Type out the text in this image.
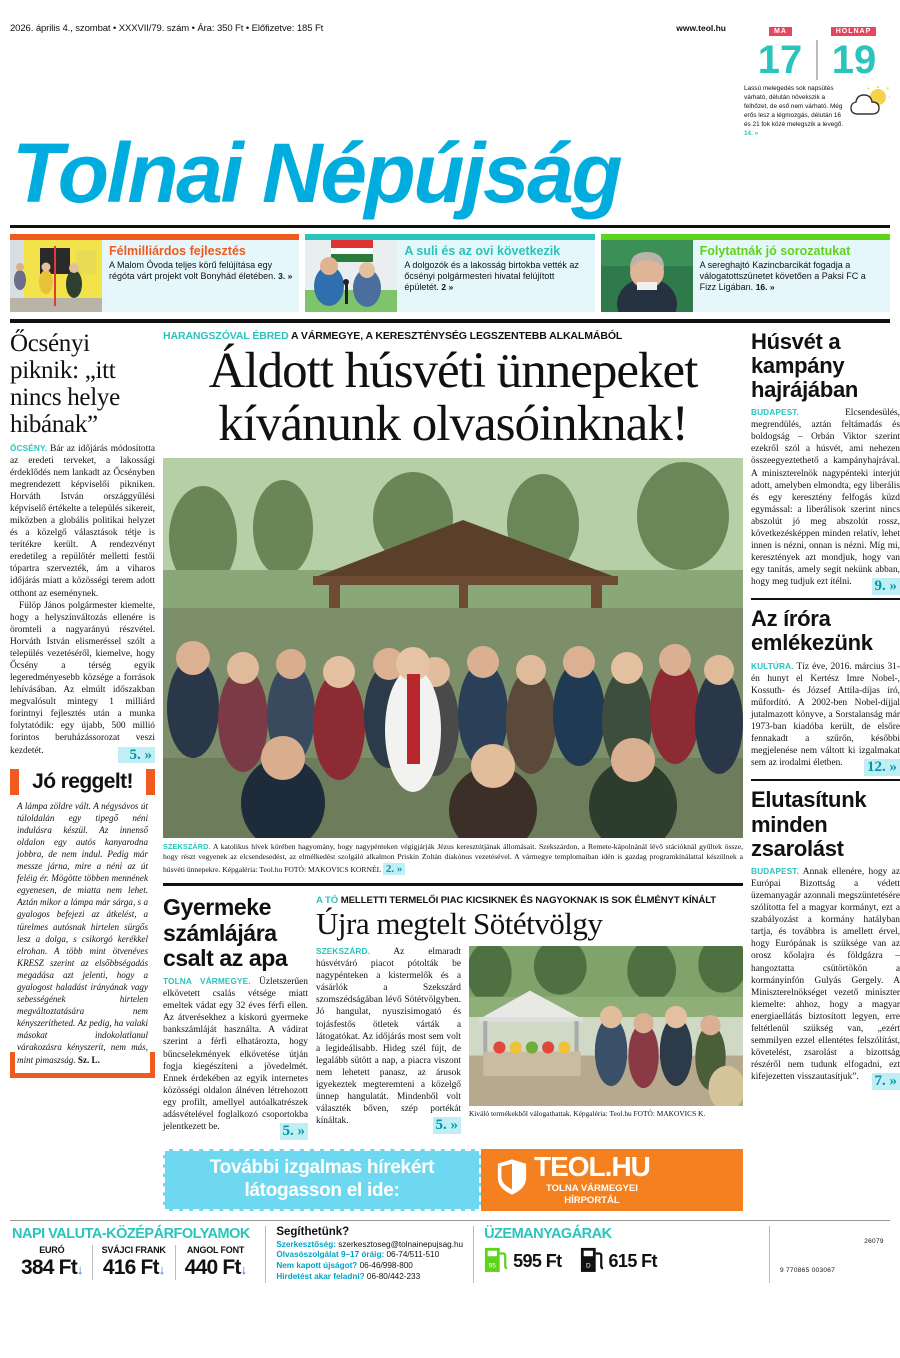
2026. április 4., szombat • XXXVII/79. szám • Ára: 350 Ft • Előfizetve: 185 Ft	www.teol.hu	MA	HOLNAP
17 19
Lassú melegedés sok napsütés várható, délután növekszik a felhőzet, de eső nem várható. Még erős lesz a légmozgás, délután 16 és 21 fok közé melegszik a levegő. 14. »
Tolnai Népújság
Félmilliárdos fejlesztés
A Malom Óvoda teljes körű felújítása egy régóta várt projekt volt Bonyhád életében. 3. »
A suli és az ovi következik
A dolgozók és a lakosság birtokba vették az őcsényi polgármesteri hivatal felújított épületét. 2 »
Folytatnák jó sorozatukat
A sereghajtó Kazincbarcikát fogadja a válogatottszünetet követően a Paksi FC a Fizz Ligában. 16. »
Őcsényi piknik: „itt nincs helye hibának”
ŐCSÉNY. Bár az időjárás módosította az eredeti terveket, a lakossági érdeklődés nem lankadt az Őcsényben megrendezett képviselői pikniken. Horváth István országgyűlési képviselő értékelte a település sikereit, miközben a globális politikai helyzet és a közelgő választások tétje is terítékre került. A rendezvényt eredetileg a repülőtér melletti festői tópartra szervezték, ám a viharos időjárás miatt a közösségi terem adott otthont az eseménynek.
Fülöp János polgármester kiemelte, hogy a helyszínváltozás ellenére is öromteli a nagyarányú részvétel. Horváth István elismeréssel szólt a település vezetéséről, kiemelve, hogy Őcsény a térség egyik legeredményesebb községe a források lehívásában. Az elmúlt időszakban megvalósult mintegy 1 milliárd forintnyi fejlesztés után a munka folytatódik: egy újabb, 500 millió forintos beruházássorozat veszi kezdetét.	5. »
Jó reggelt!
A lámpa zöldre vált. A négysávos út túloldalán egy tipegő néni indulásra készül. Az innenső oldalon egy autós kanyarodna jobbra, de nem indul. Pedig már messze járna, mire a néni az út feléig ér. Mögötte többen mennének egyenesen, de miatta nem lehet. Aztán mikor a lámpa már sárga, s a gyalogos befejezi az átkelést, a türelmes autósnak hirtelen sürgős lesz a dolga, s csikorgó kerékkel elrohan. A több mint ötvenéves KRESZ szerint az elsőbbségadás megadása azt jelenti, hogy a gyalogost haladást irányának vagy sebességének hirtelen megváltoztatására nem kényszerítheted. Az pedig, ha valaki másokat indokolatlanul várakozásra kényszerít, nem más, mint pimaszság. Sz. L.
HARANGSZÓVAL ÉBRED A VÁRMEGYE, A KERESZTÉNYSÉG LEGSZENTEBB ALKALMÁBÓL
Áldott húsvéti ünnepeket
kívánunk olvasóinknak!
SZEKSZÁRD. A katolikus hívek körében hagyomány, hogy nagypénteken végigjárják Jézus keresztútjának állomásait. Szekszárdon, a Remete-kápolnánál lévő stációknál gyűltek össze, hogy részt vegyenek az elcsendesedést, az elmélkedést szolgáló alkalmon Priskin Zoltán diakónus vezetésével. A vármegye templomaiban idén is gazdag programkínálattal készülnek a húsvéti ünnepekre. Képgaléria: Teol.hu FOTÓ: MAKOVICS KORNÉL 2. »
Gyermeke számlájára csalt az apa
TOLNA VÁRMEGYE. Üzletszerűen elkövetett csalás vétsége miatt emeltek vádat egy 32 éves férfi ellen. Az átverésekhez a kiskorú gyermeke bankszámláját használta. A vádirat szerint a férfi elhatározta, hogy bűncselekmények elkövetése útján fogja kiegészíteni a jövedelmét. Ennek érdekében az egyik internetes közösségi oldalon álnéven létrehozott egy profilt, amellyel autóalkatrészek adásvételével foglalkozó csoportokba jelentkezett be.	5. »
A TÓ MELLETTI TERMELŐI PIAC KICSIKNEK ÉS NAGYOKNAK IS SOK ÉLMÉNYT KÍNÁLT
Újra megtelt Sötétvölgy
SZEKSZÁRD. Az elmaradt húsvétváró piacot pótolták be nagypénteken a kistermelők és a vásárlók a Szekszárd szomszédságában lévő Sötétvölgyben. Jó hangulat, nyuszisimogató és tojásfestős ötletek várták a látogatókat. Az időjárás most sem volt a legideálisabb. Hideg szél fújt, de legalább sütött a nap, a piacra viszont nem lehetett panasz, az árusok igyekeztek megteremteni a közelgő ünnep hangulatát. Mindenből volt választék bőven, szép portékát kínáltak.	5. »
Kiváló termékekből válogathattak. Képgaléria: Teol.hu FOTÓ: MAKOVICS K.
További izgalmas hírekért
látogasson el ide:
TEOL.HU
TOLNA VÁRMEGYEI
HÍRPORTÁL
Húsvét a kampány hajrájában
BUDAPEST.	Elcsendesülés, megrendülés, aztán feltámadás és boldogság – Orbán Viktor szerint ezekről szól a húsvét, ami nehezen összeegyeztethető a kampányhajrával. A miniszterelnök nagypénteki interjút adott, amelyben elmondta, egy liberális és egy keresztény felfogás küzd egymással: a liberálisok szerint nincs abszolút jó meg abszolút rossz, következésképpen minden relatív, lehet innen is nézni, onnan is nézni. Míg mi, keresztények azt mondjuk, hogy van egy tanítás, amely segít nekünk abban, hogy meg tudjuk ezt ítélni. 9. »
Az íróra emlékezünk
KULTÚRA. Tíz éve, 2016. március 31-én hunyt el Kertész Imre Nobel-, Kossuth- és József Attila-díjas író, műfordító. A 2002-ben Nobel-díjjal jutalmazott könyve, a Sorstalanság már 1973-ban kiadóba került, de elsőre fennakadt a szűrőn, későbbi megjelenése nem váltott ki izgalmakat sem az irodalmi életben. 12. »
Elutasítunk minden zsarolást
BUDAPEST. Annak ellenére, hogy az Európai Bizottság a védett üzemanyagár azonnali megszüntetésére szólította fel a magyar kormányt, ezt a szabályozást a kormány hatályban tartja, és továbbra is amellett érvel, hogy Európának is szüksége van az orosz kőolajra és földgázra – hangoztatta csütörtökön a kormányinfón Gulyás Gergely. A Miniszterelnökséget vezető miniszter kiemelte: ahhoz, hogy a magyar energiaellátás biztosított legyen, erre feltétlenül szükség van, „ezért semmilyen ezzel ellentétes felszólítást, követelést, zsarolást a bizottság részéről nem tudunk elfogadni, ezt kifejezetten visszautasítjuk”. 7. »
NAPI VALUTA-KÖZÉPÁRFOLYAMOK
EURÓ
384 Ft↓
SVÁJCI FRANK
416 Ft↓
ANGOL FONT
440 Ft↓
Segíthetünk?
Szerkesztőség: szerkesztoseg@tolnainepujsag.hu
Olvasószolgálat 9–17 óráig: 06-74/511-510
Nem kapott újságot? 06-46/998-800
Hirdetést akar feladni? 06-80/442-233
ÜZEMANYAGÁRAK
95 595 Ft	D 615 Ft	9 770865 003067
26079
